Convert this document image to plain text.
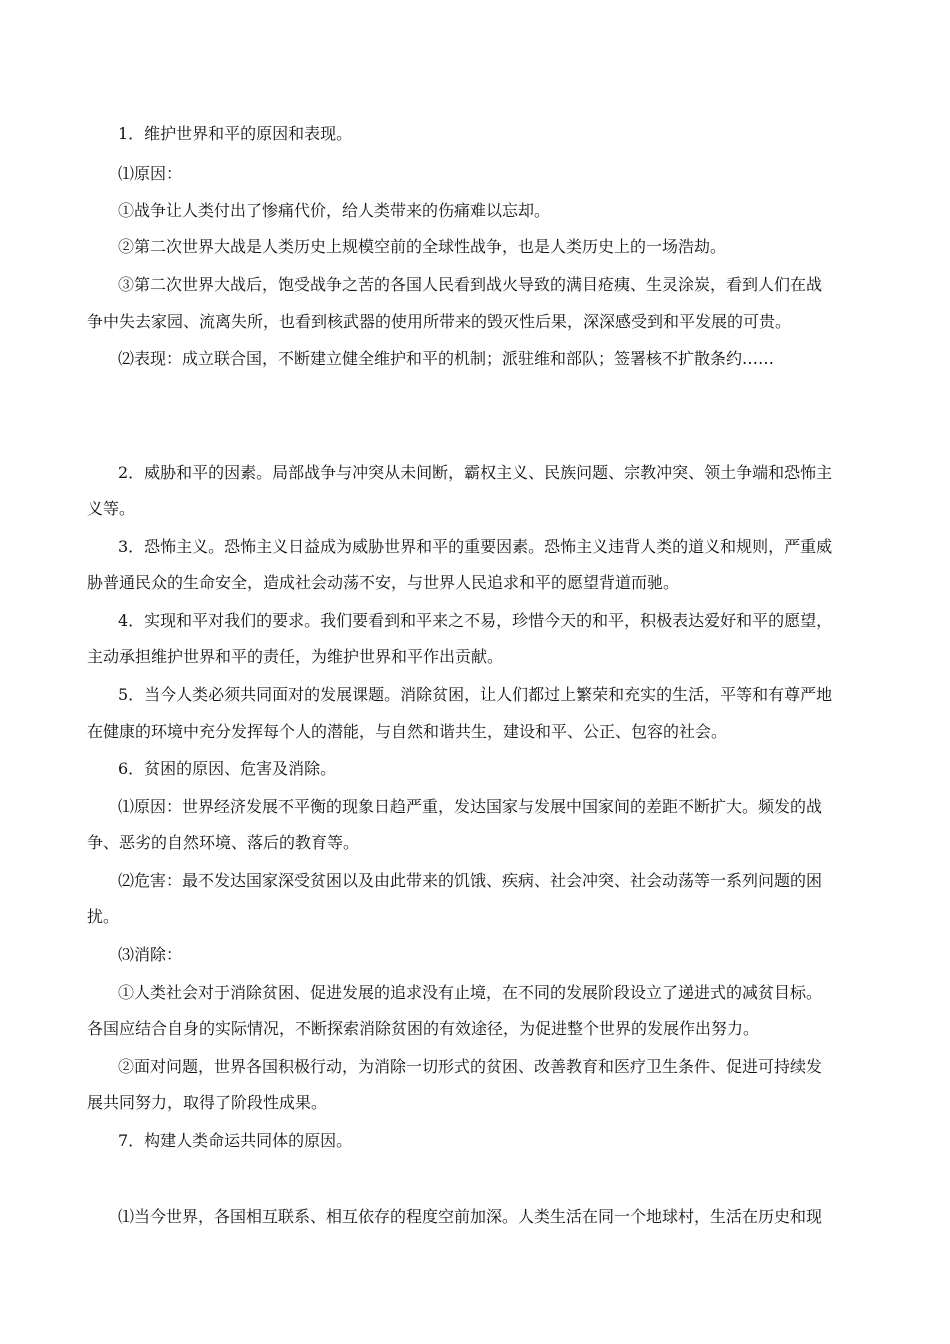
1．维护世界和平的原因和表现。

⑴原因：

①战争让人类付出了惨痛代价，给人类带来的伤痛难以忘却。

②第二次世界大战是人类历史上规模空前的全球性战争，也是人类历史上的一场浩劫。

③第二次世界大战后，饱受战争之苦的各国人民看到战火导致的满目疮痍、生灵涂炭，看到人们在战

争中失去家园、流离失所，也看到核武器的使用所带来的毁灭性后果，深深感受到和平发展的可贵。

⑵表现：成立联合国，不断建立健全维护和平的机制；派驻维和部队；签署核不扩散条约……

2．威胁和平的因素。局部战争与冲突从未间断，霸权主义、民族问题、宗教冲突、领土争端和恐怖主

义等。

3．恐怖主义。恐怖主义日益成为威胁世界和平的重要因素。恐怖主义违背人类的道义和规则，严重威

胁普通民众的生命安全，造成社会动荡不安，与世界人民追求和平的愿望背道而驰。

4．实现和平对我们的要求。我们要看到和平来之不易，珍惜今天的和平，积极表达爱好和平的愿望，

主动承担维护世界和平的责任，为维护世界和平作出贡献。

5．当今人类必须共同面对的发展课题。消除贫困，让人们都过上繁荣和充实的生活，平等和有尊严地

在健康的环境中充分发挥每个人的潜能，与自然和谐共生，建设和平、公正、包容的社会。

6．贫困的原因、危害及消除。

⑴原因：世界经济发展不平衡的现象日趋严重，发达国家与发展中国家间的差距不断扩大。频发的战

争、恶劣的自然环境、落后的教育等。

⑵危害：最不发达国家深受贫困以及由此带来的饥饿、疾病、社会冲突、社会动荡等一系列问题的困

扰。

⑶消除：

①人类社会对于消除贫困、促进发展的追求没有止境，在不同的发展阶段设立了递进式的减贫目标。

各国应结合自身的实际情况，不断探索消除贫困的有效途径，为促进整个世界的发展作出努力。

②面对问题，世界各国积极行动，为消除一切形式的贫困、改善教育和医疗卫生条件、促进可持续发

展共同努力，取得了阶段性成果。

7．构建人类命运共同体的原因。

⑴当今世界，各国相互联系、相互依存的程度空前加深。人类生活在同一个地球村，生活在历史和现
